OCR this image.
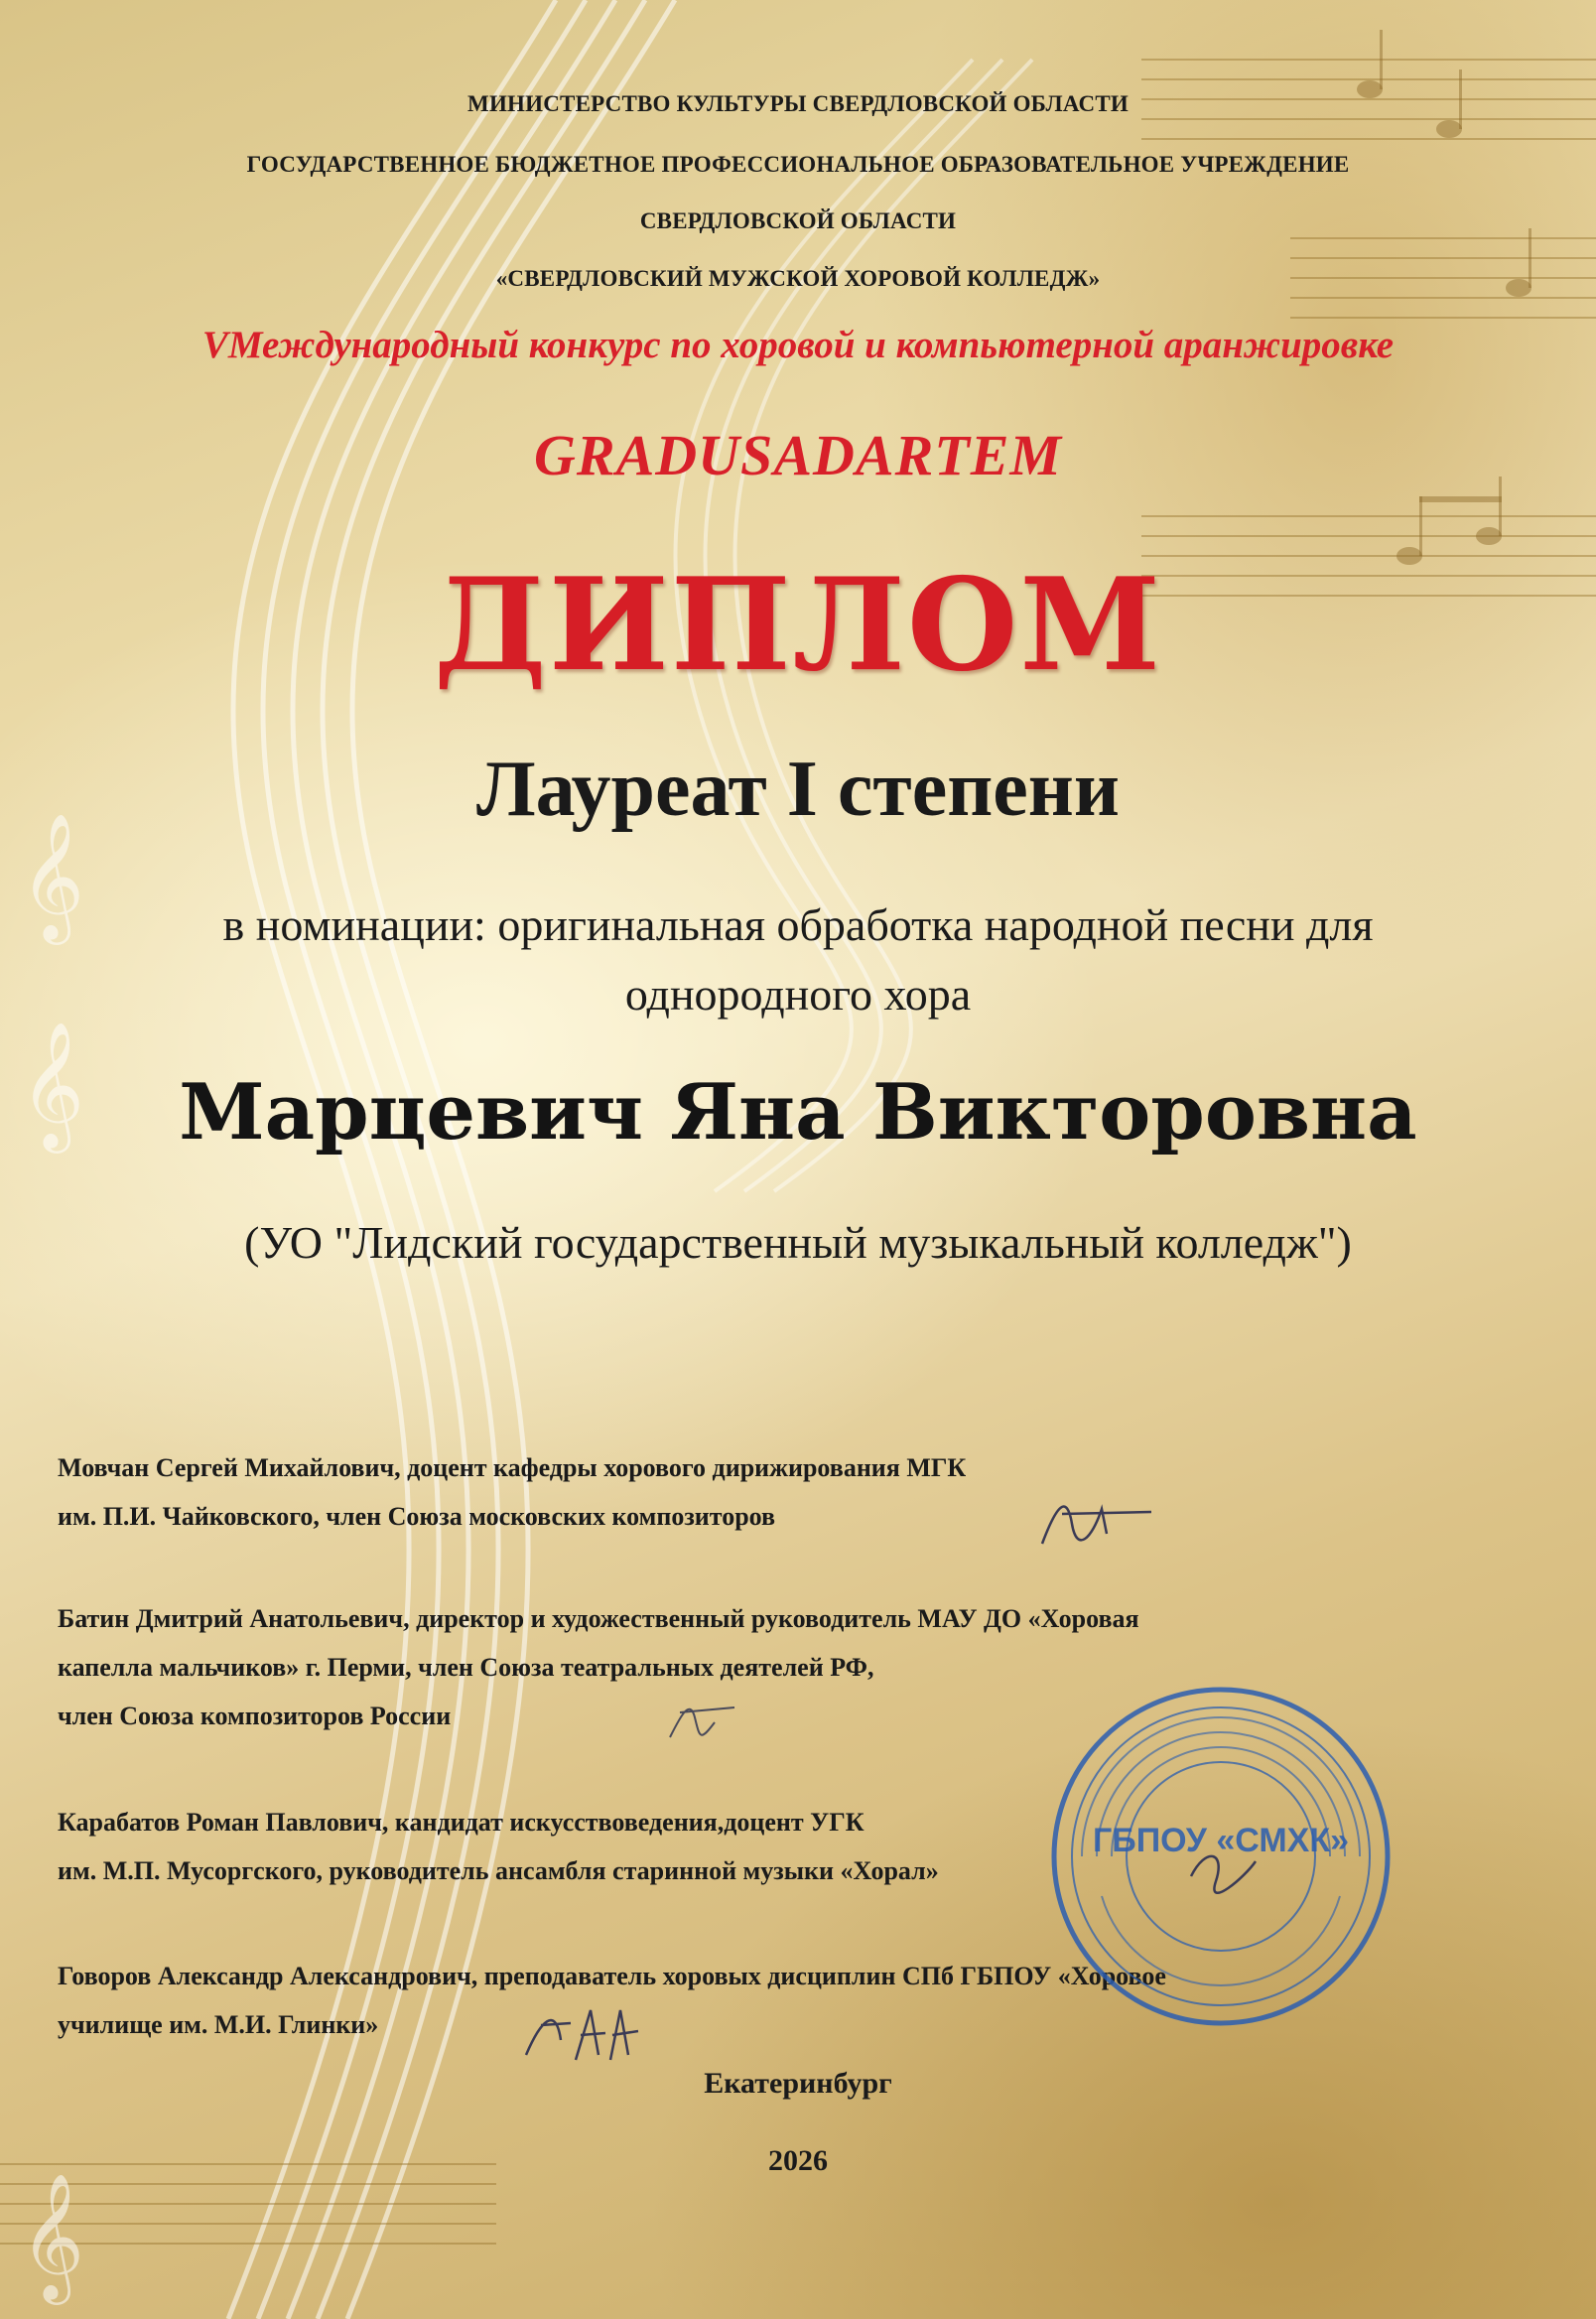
𝄞
𝄞
𝄞
МИНИСТЕРСТВО КУЛЬТУРЫ СВЕРДЛОВСКОЙ ОБЛАСТИ
ГОСУДАРСТВЕННОЕ БЮДЖЕТНОЕ ПРОФЕССИОНАЛЬНОЕ ОБРАЗОВАТЕЛЬНОЕ УЧРЕЖДЕНИЕ
СВЕРДЛОВСКОЙ ОБЛАСТИ
«СВЕРДЛОВСКИЙ МУЖСКОЙ ХОРОВОЙ КОЛЛЕДЖ»
VМеждународный конкурс по хоровой и компьютерной аранжировке
GRADUSADARTEM
ДИПЛОМ
Лауреат I степени
в номинации: оригинальная обработка народной песни для
однородного хора
Марцевич Яна Викторовна
(УО "Лидский государственный музыкальный колледж")
Мовчан Сергей Михайлович, доцент кафедры хорового дирижирования МГК
им. П.И. Чайковского, член Союза московских композиторов
Батин Дмитрий Анатольевич, директор и художественный руководитель МАУ ДО «Хоровая
капелла мальчиков» г. Перми, член Союза театральных деятелей РФ,
член Союза композиторов России
Карабатов Роман Павлович, кандидат искусствоведения,доцент УГК
им. М.П. Мусоргского, руководитель ансамбля старинной музыки «Хорал»
Говоров Александр Александрович, преподаватель хоровых дисциплин СПб ГБПОУ «Хоровое
училище им. М.И. Глинки»
ГБПОУ «СМХК»
Екатеринбург
2026
